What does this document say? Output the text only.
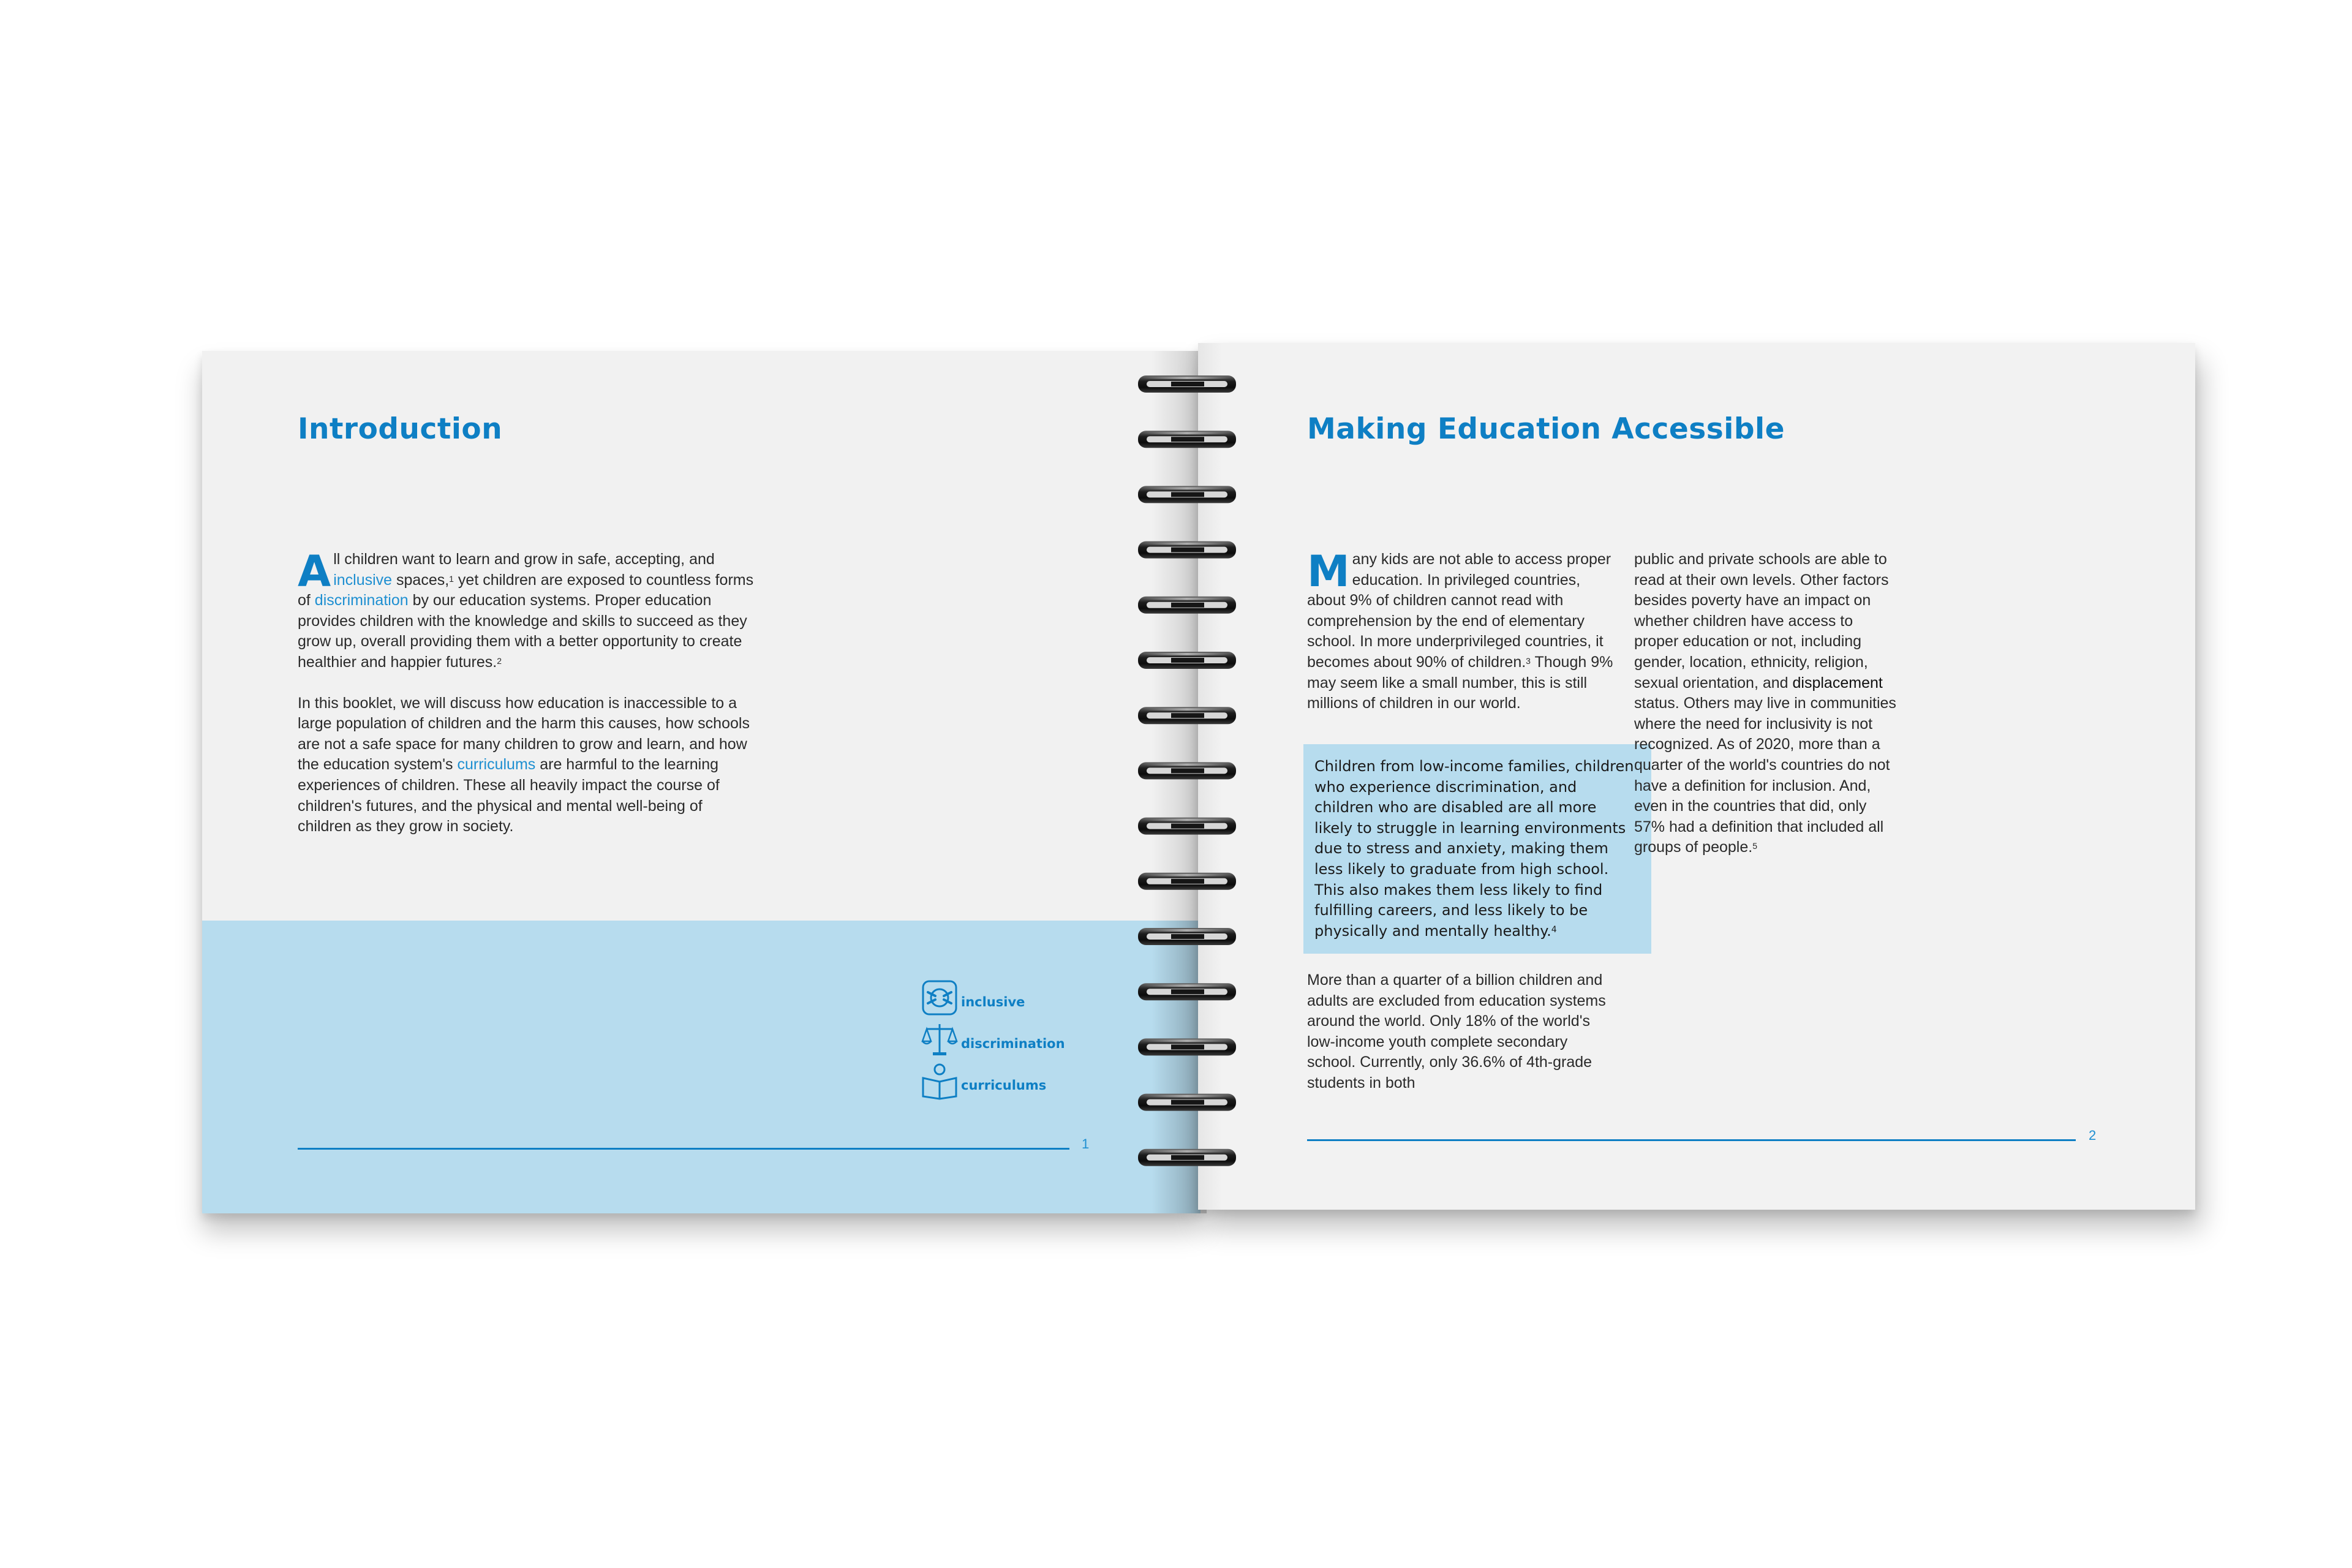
Introduction

All children want to learn and grow in safe, accepting, and inclusive spaces,$^1$ yet children are exposed to countless forms of discrimination by our education systems. Proper education provides children with the knowledge and skills to succeed as they grow up, overall providing them with a better opportunity to create healthier and happier futures.$^2$

In this booklet, we will discuss how education is inaccessible to a large population of children and the harm this causes, how schools are not a safe space for many children to grow and learn, and how the education system's curriculums are harmful to the learning experiences of children. These all heavily impact the course of children's futures, and the physical and mental well-being of children as they grow in society.

inclusive
discrimination
curriculums
1
Making Education Accessible

Many kids are not able to access proper education. In privileged countries, about 9% of children cannot read with comprehension by the end of elementary school. In more underprivileged countries, it becomes about 90% of children.$^3$ Though 9% may seem like a small number, this is still millions of children in our world.

Children from low-income families, children who experience discrimination, and children who are disabled are all more likely to struggle in learning environments due to stress and anxiety, making them less likely to graduate from high school. This also makes them less likely to find fulfilling careers, and less likely to be physically and mentally healthy.$^4$

More than a quarter of a billion children and adults are excluded from education systems around the world. Only 18% of the world's low-income youth complete secondary school. Currently, only 36.6% of 4th-grade students in both

public and private schools are able to read at their own levels. Other factors besides poverty have an impact on whether children have access to proper education or not, including gender, location, ethnicity, religion, sexual orientation, and displacement status. Others may live in communities where the need for inclusivity is not recognized. As of 2020, more than a quarter of the world's countries do not have a definition for inclusion. And, even in the countries that did, only 57% had a definition that included all groups of people.$^5$

2
